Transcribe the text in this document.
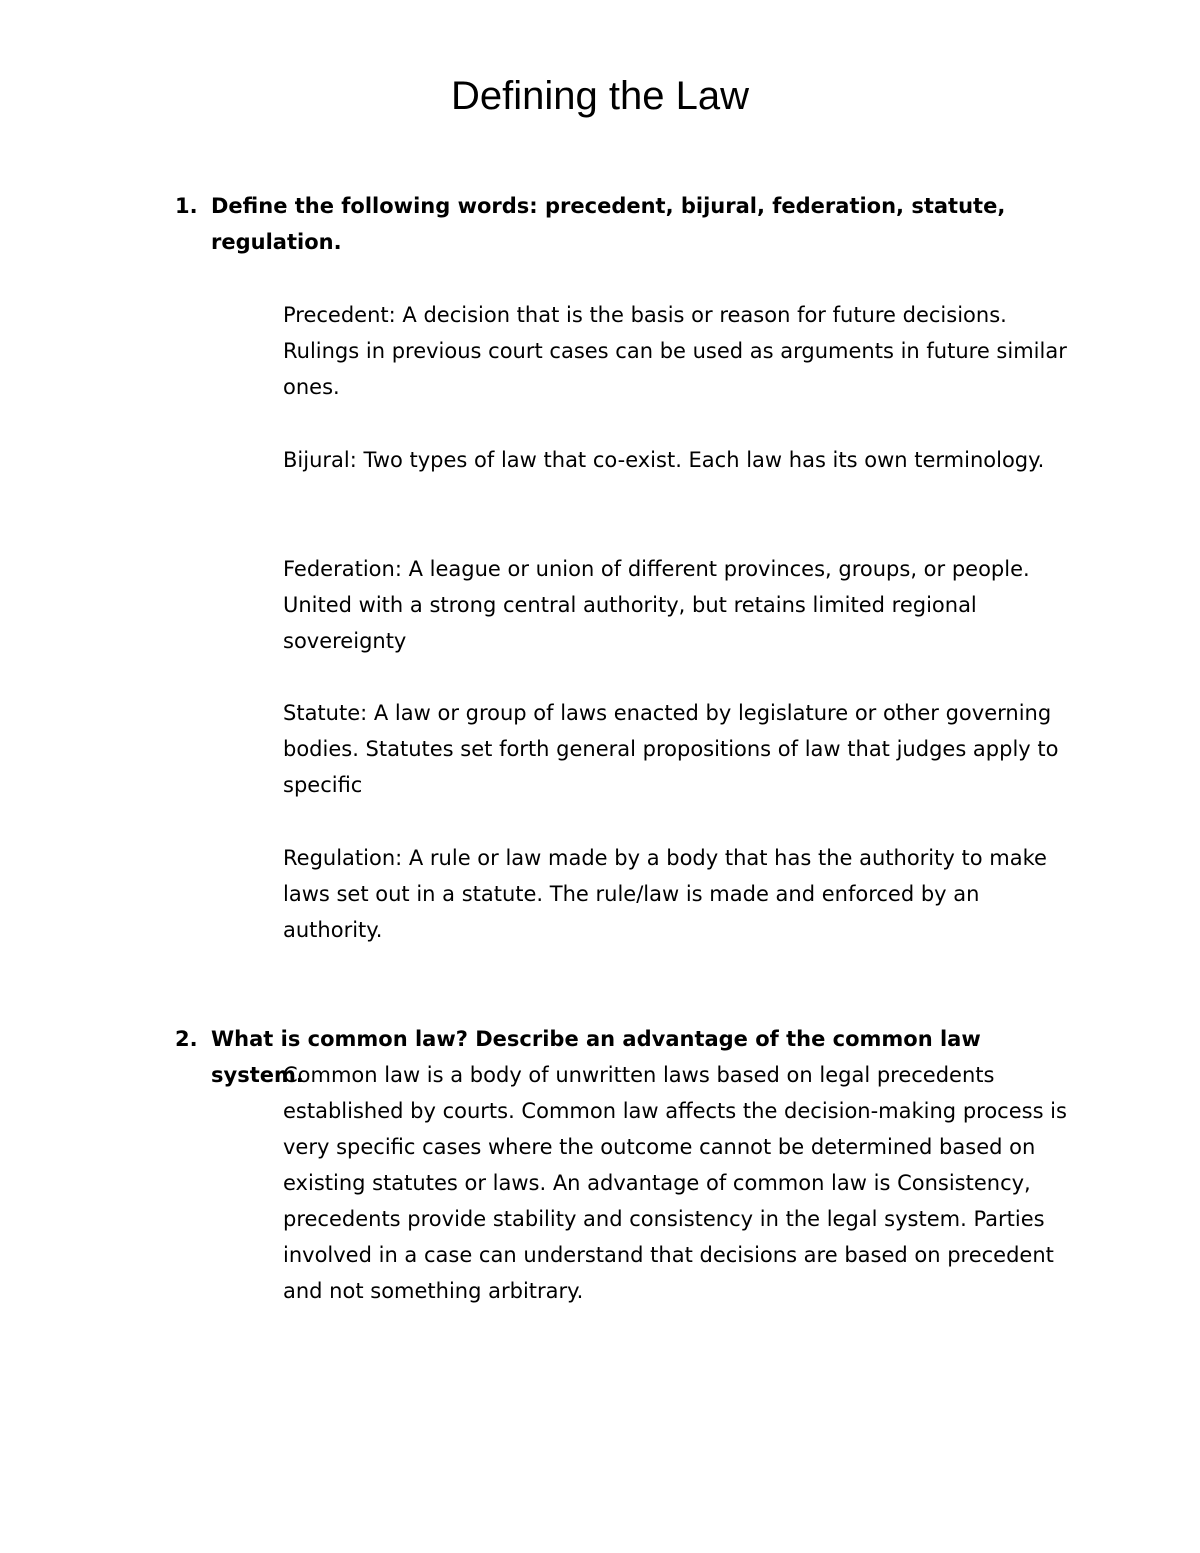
Defining the Law
1. Define the following words: precedent, bijural, federation, statute, regulation.

Precedent: A decision that is the basis or reason for future decisions. Rulings in previous court cases can be used as arguments in future similar ones.

Bijural: Two types of law that co-exist. Each law has its own terminology.

Federation: A league or union of different provinces, groups, or people. United with a strong central authority, but retains limited regional sovereignty

Statute: A law or group of laws enacted by legislature or other governing bodies. Statutes set forth general propositions of law that judges apply to specific

Regulation: A rule or law made by a body that has the authority to make laws set out in a statute. The rule/law is made and enforced by an authority.

2. What is common law? Describe an advantage of the common law system.

Common law is a body of unwritten laws based on legal precedents established by courts. Common law affects the decision-making process is very specific cases where the outcome cannot be determined based on existing statutes or laws. An advantage of common law is Consistency, precedents provide stability and consistency in the legal system. Parties involved in a case can understand that decisions are based on precedent and not something arbitrary.
